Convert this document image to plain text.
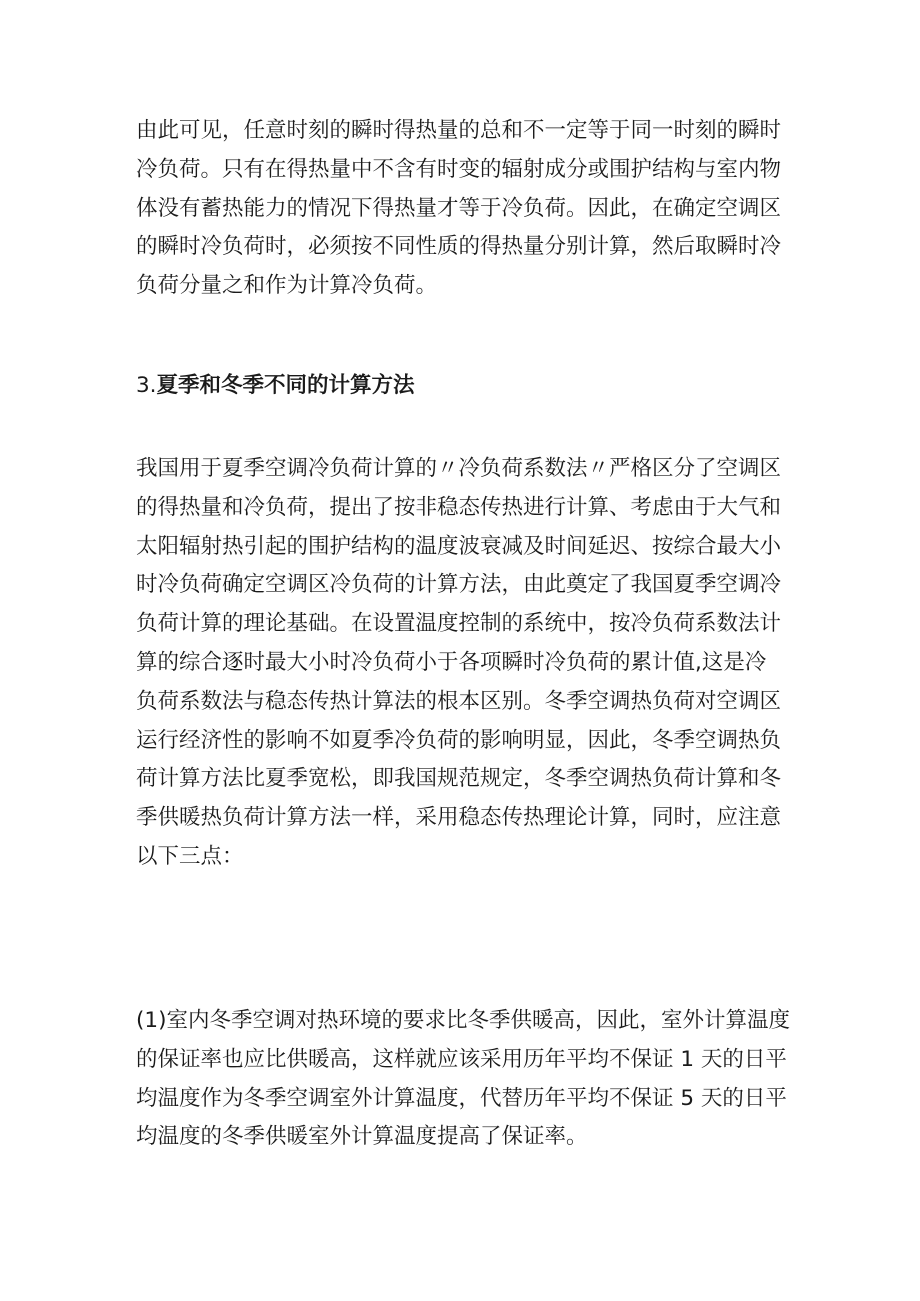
由此可见，任意时刻的瞬时得热量的总和不一定等于同一时刻的瞬时
冷负荷。只有在得热量中不含有时变的辐射成分或围护结构与室内物
体没有蓄热能力的情况下得热量才等于冷负荷。因此，在确定空调区
的瞬时冷负荷时，必须按不同性质的得热量分别计算，然后取瞬时冷
负荷分量之和作为计算冷负荷。
3.夏季和冬季不同的计算方法
我国用于夏季空调冷负荷计算的〃冷负荷系数法〃严格区分了空调区
的得热量和冷负荷，提出了按非稳态传热进行计算、考虑由于大气和
太阳辐射热引起的围护结构的温度波衰减及时间延迟、按综合最大小
时冷负荷确定空调区冷负荷的计算方法，由此奠定了我国夏季空调冷
负荷计算的理论基础。在设置温度控制的系统中，按冷负荷系数法计
算的综合逐时最大小时冷负荷小于各项瞬时冷负荷的累计值,这是冷
负荷系数法与稳态传热计算法的根本区别。冬季空调热负荷对空调区
运行经济性的影响不如夏季冷负荷的影响明显，因此，冬季空调热负
荷计算方法比夏季宽松，即我国规范规定，冬季空调热负荷计算和冬
季供暖热负荷计算方法一样，采用稳态传热理论计算，同时，应注意
以下三点：
(1)室内冬季空调对热环境的要求比冬季供暖高，因此，室外计算温度
的保证率也应比供暖高，这样就应该采用历年平均不保证 1 天的日平
均温度作为冬季空调室外计算温度，代替历年平均不保证 5 天的日平
均温度的冬季供暖室外计算温度提高了保证率。
